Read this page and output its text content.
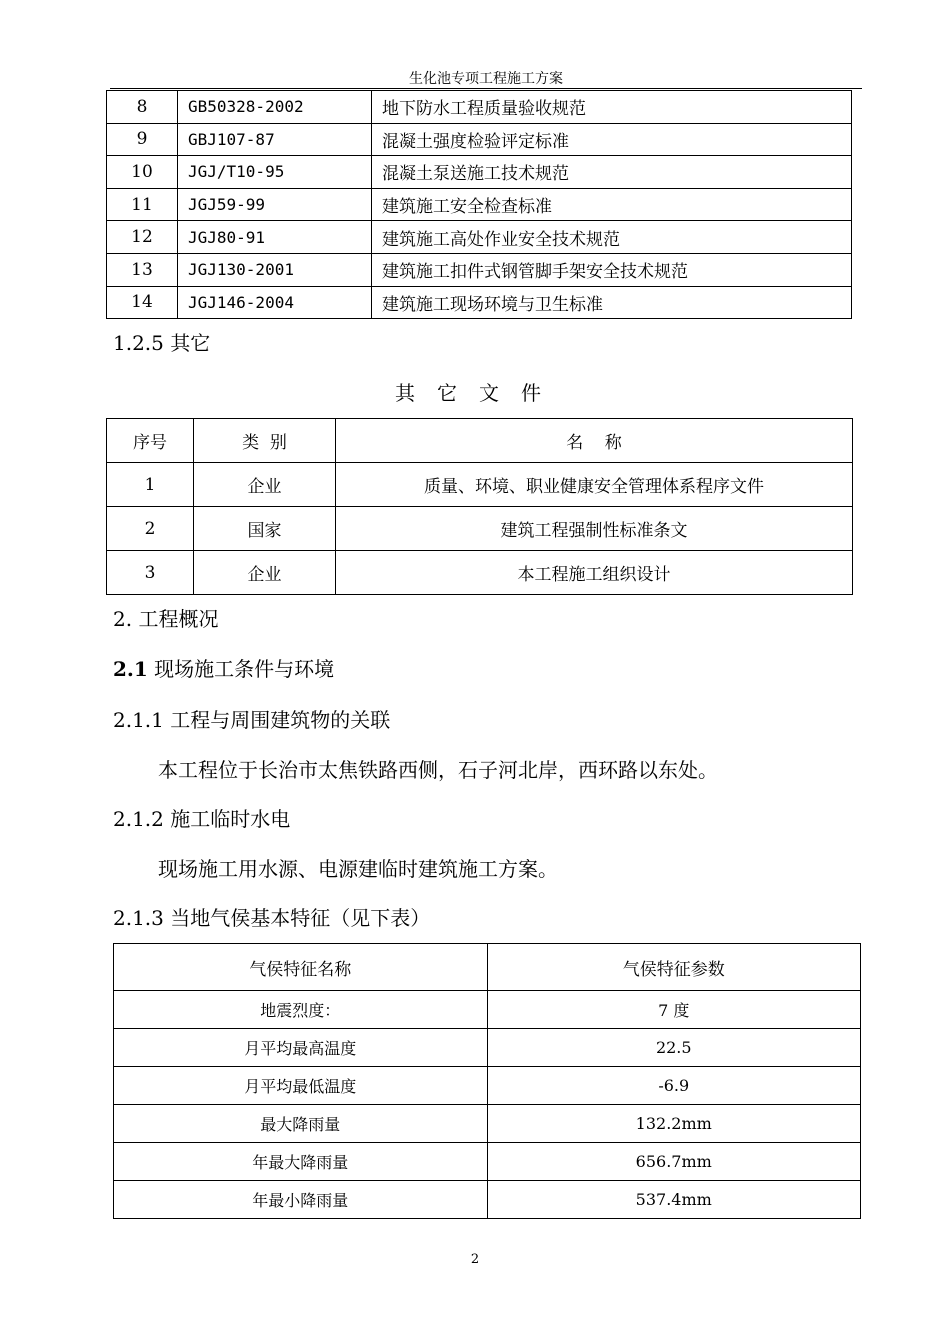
生化池专项工程施工方案
8	GB50328-2002	地下防水工程质量验收规范
9	GBJ107-87	混凝土强度检验评定标准
10	JGJ/T10-95	混凝土泵送施工技术规范
11	JGJ59-99	建筑施工安全检查标准
12	JGJ80-91	建筑施工高处作业安全技术规范
13	JGJ130-2001	建筑施工扣件式钢管脚手架安全技术规范
14	JGJ146-2004	建筑施工现场环境与卫生标准
1.2.5 其它
其它文件
序号	类  别	名    称
1	企业	质量、环境、职业健康安全管理体系程序文件
2	国家	建筑工程强制性标准条文
3	企业	本工程施工组织设计
2. 工程概况
2.1 现场施工条件与环境
2.1.1 工程与周围建筑物的关联
本工程位于长治市太焦铁路西侧，石子河北岸，西环路以东处。
2.1.2 施工临时水电
现场施工用水源、电源建临时建筑施工方案。
2.1.3 当地气侯基本特征（见下表）
气侯特征名称	气侯特征参数
地震烈度：	7 度
月平均最高温度	22.5
月平均最低温度	-6.9
最大降雨量	132.2mm
年最大降雨量	656.7mm
年最小降雨量	537.4mm
2
